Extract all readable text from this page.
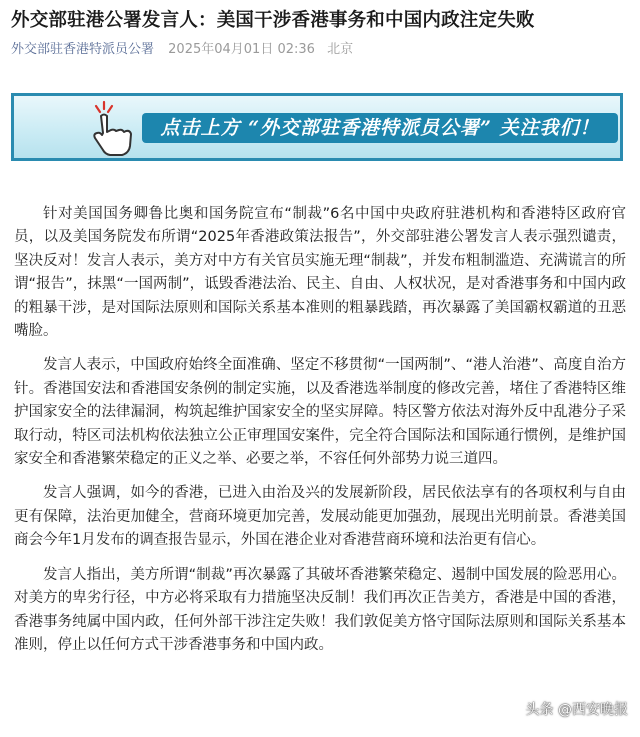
外交部驻港公署发言人：美国干涉香港事务和中国内政注定失败
外交部驻香港特派员公署 2025年04月01日 02:36 北京
点击上方 “外交部驻香港特派员公署” 关注我们！

针对美国国务卿鲁比奥和国务院宣布“制裁”6名中国中央政府驻港机构和香港特区政府官员，以及美国务院发布所谓“2025年香港政策法报告”，外交部驻港公署发言人表示强烈谴责，坚决反对！发言人表示，美方对中方有关官员实施无理“制裁”，并发布粗制滥造、充满谎言的所谓“报告”，抹黑“一国两制”，诋毁香港法治、民主、自由、人权状况，是对香港事务和中国内政的粗暴干涉，是对国际法原则和国际关系基本准则的粗暴践踏，再次暴露了美国霸权霸道的丑恶嘴脸。

发言人表示，中国政府始终全面准确、坚定不移贯彻“一国两制”、“港人治港”、高度自治方针。香港国安法和香港国安条例的制定实施，以及香港选举制度的修改完善，堵住了香港特区维护国家安全的法律漏洞，构筑起维护国家安全的坚实屏障。特区警方依法对海外反中乱港分子采取行动，特区司法机构依法独立公正审理国安案件，完全符合国际法和国际通行惯例，是维护国家安全和香港繁荣稳定的正义之举、必要之举，不容任何外部势力说三道四。

发言人强调，如今的香港，已进入由治及兴的发展新阶段，居民依法享有的各项权利与自由更有保障，法治更加健全，营商环境更加完善，发展动能更加强劲，展现出光明前景。香港美国商会今年1月发布的调查报告显示，外国在港企业对香港营商环境和法治更有信心。

发言人指出，美方所谓“制裁”再次暴露了其破坏香港繁荣稳定、遏制中国发展的险恶用心。对美方的卑劣行径，中方必将采取有力措施坚决反制！我们再次正告美方，香港是中国的香港，香港事务纯属中国内政，任何外部干涉注定失败！我们敦促美方恪守国际法原则和国际关系基本准则，停止以任何方式干涉香港事务和中国内政。

头条 @西安晚报
